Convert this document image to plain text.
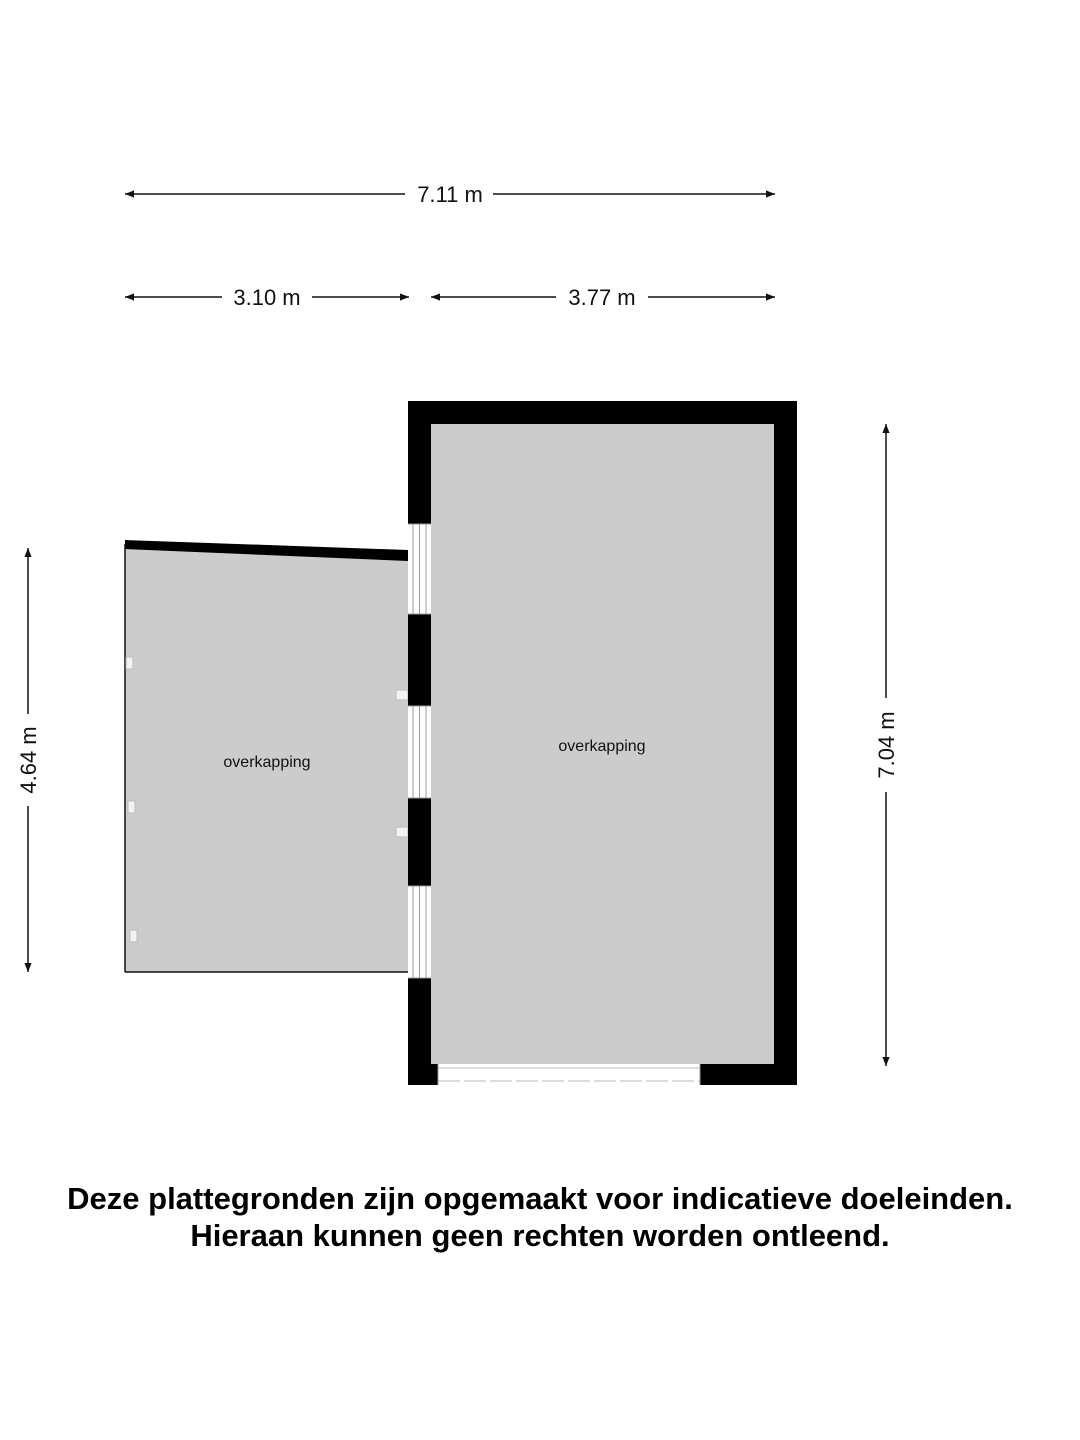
7.11 m
3.10 m	3.77 m
4.64 m	7.04 m
overkapping
overkapping
Deze plattegronden zijn opgemaakt voor indicatieve doeleinden.
Hieraan kunnen geen rechten worden ontleend.
